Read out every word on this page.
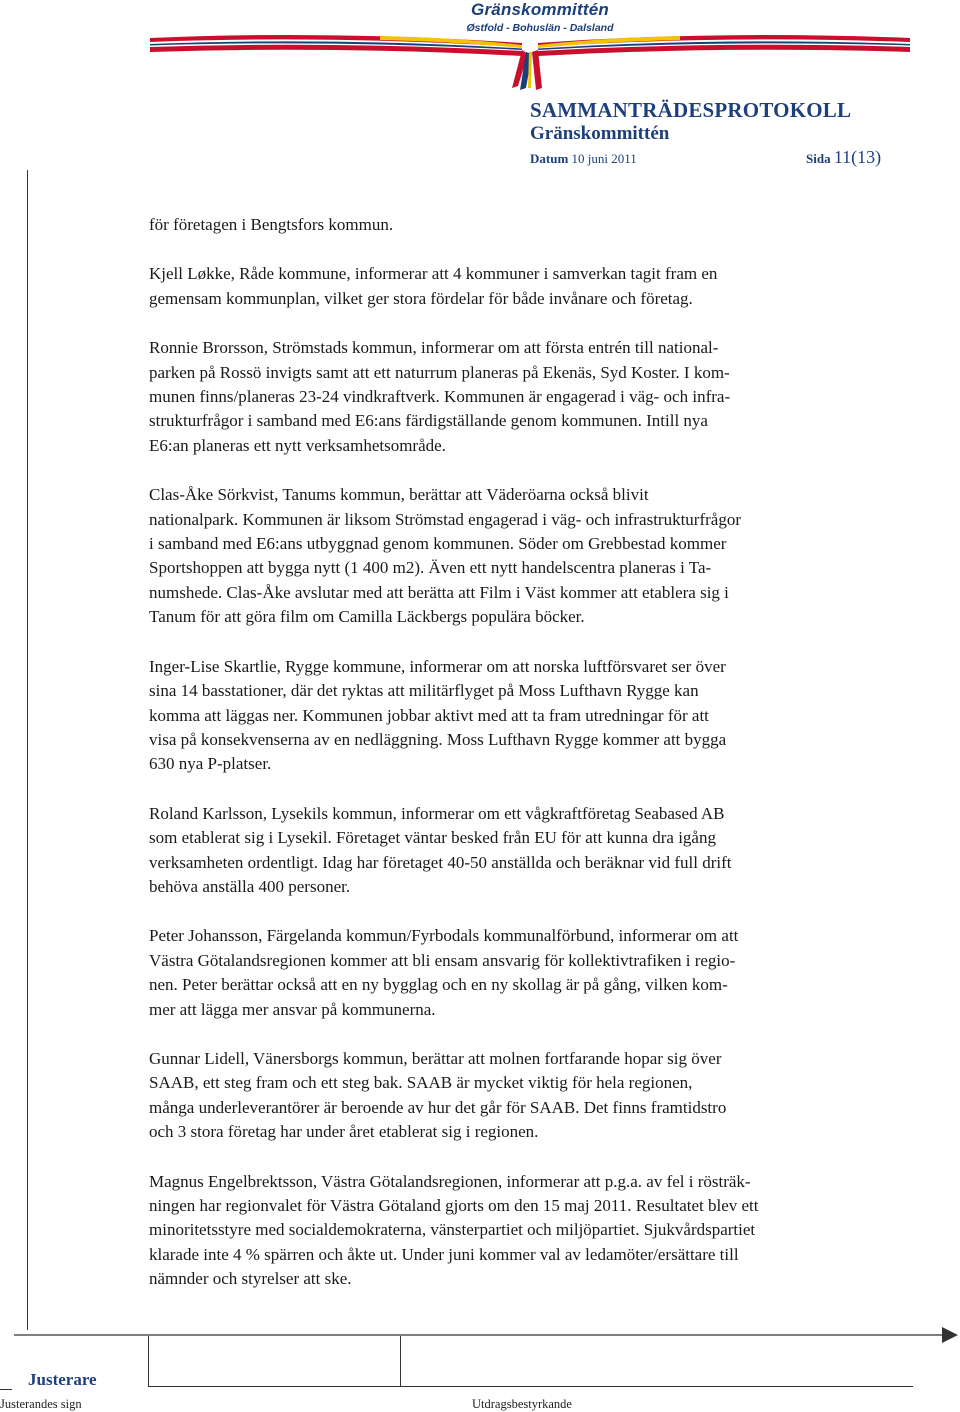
Gränskommittén
Østfold - Bohuslän - Dalsland
SAMMANTRÄDESPROTOKOLL
Gränskommittén
Datum 10 juni 2011	Sida 11(13)

för företagen i Bengtsfors kommun.

Kjell Løkke, Råde kommune, informerar att 4 kommuner i samverkan tagit fram en
gemensam kommunplan, vilket ger stora fördelar för både invånare och företag.

Ronnie Brorsson, Strömstads kommun, informerar om att första entrén till national-
parken på Rossö invigts samt att ett naturrum planeras på Ekenäs, Syd Koster. I kom-
munen finns/planeras 23-24 vindkraftverk. Kommunen är engagerad i väg- och infra-
strukturfrågor i samband med E6:ans färdigställande genom kommunen. Intill nya
E6:an planeras ett nytt verksamhetsområde.

Clas-Åke Sörkvist, Tanums kommun, berättar att Väderöarna också blivit
nationalpark. Kommunen är liksom Strömstad engagerad i väg- och infrastrukturfrågor
i samband med E6:ans utbyggnad genom kommunen. Söder om Grebbestad kommer
Sportshoppen att bygga nytt (1 400 m2). Även ett nytt handelscentra planeras i Ta-
numshede. Clas-Åke avslutar med att berätta att Film i Väst kommer att etablera sig i
Tanum för att göra film om Camilla Läckbergs populära böcker.

Inger-Lise Skartlie, Rygge kommune, informerar om att norska luftförsvaret ser över
sina 14 basstationer, där det ryktas att militärflyget på Moss Lufthavn Rygge kan
komma att läggas ner. Kommunen jobbar aktivt med att ta fram utredningar för att
visa på konsekvenserna av en nedläggning. Moss Lufthavn Rygge kommer att bygga
630 nya P-platser.

Roland Karlsson, Lysekils kommun, informerar om ett vågkraftföretag Seabased AB
som etablerat sig i Lysekil. Företaget väntar besked från EU för att kunna dra igång
verksamheten ordentligt. Idag har företaget 40-50 anställda och beräknar vid full drift
behöva anställa 400 personer.

Peter Johansson, Färgelanda kommun/Fyrbodals kommunalförbund, informerar om att
Västra Götalandsregionen kommer att bli ensam ansvarig för kollektivtrafiken i regio-
nen. Peter berättar också att en ny bygglag och en ny skollag är på gång, vilken kom-
mer att lägga mer ansvar på kommunerna.

Gunnar Lidell, Vänersborgs kommun, berättar att molnen fortfarande hopar sig över
SAAB, ett steg fram och ett steg bak. SAAB är mycket viktig för hela regionen,
många underleverantörer är beroende av hur det går för SAAB. Det finns framtidstro
och 3 stora företag har under året etablerat sig i regionen.

Magnus Engelbrektsson, Västra Götalandsregionen, informerar att p.g.a. av fel i rösträk-
ningen har regionvalet för Västra Götaland gjorts om den 15 maj 2011. Resultatet blev ett
minoritetsstyre med socialdemokraterna, vänsterpartiet och miljöpartiet. Sjukvårdspartiet
klarade inte 4 % spärren och åkte ut. Under juni kommer val av ledamöter/ersättare till
nämnder och styrelser att ske.

Justerare
Justerandes sign	Utdragsbestyrkande
